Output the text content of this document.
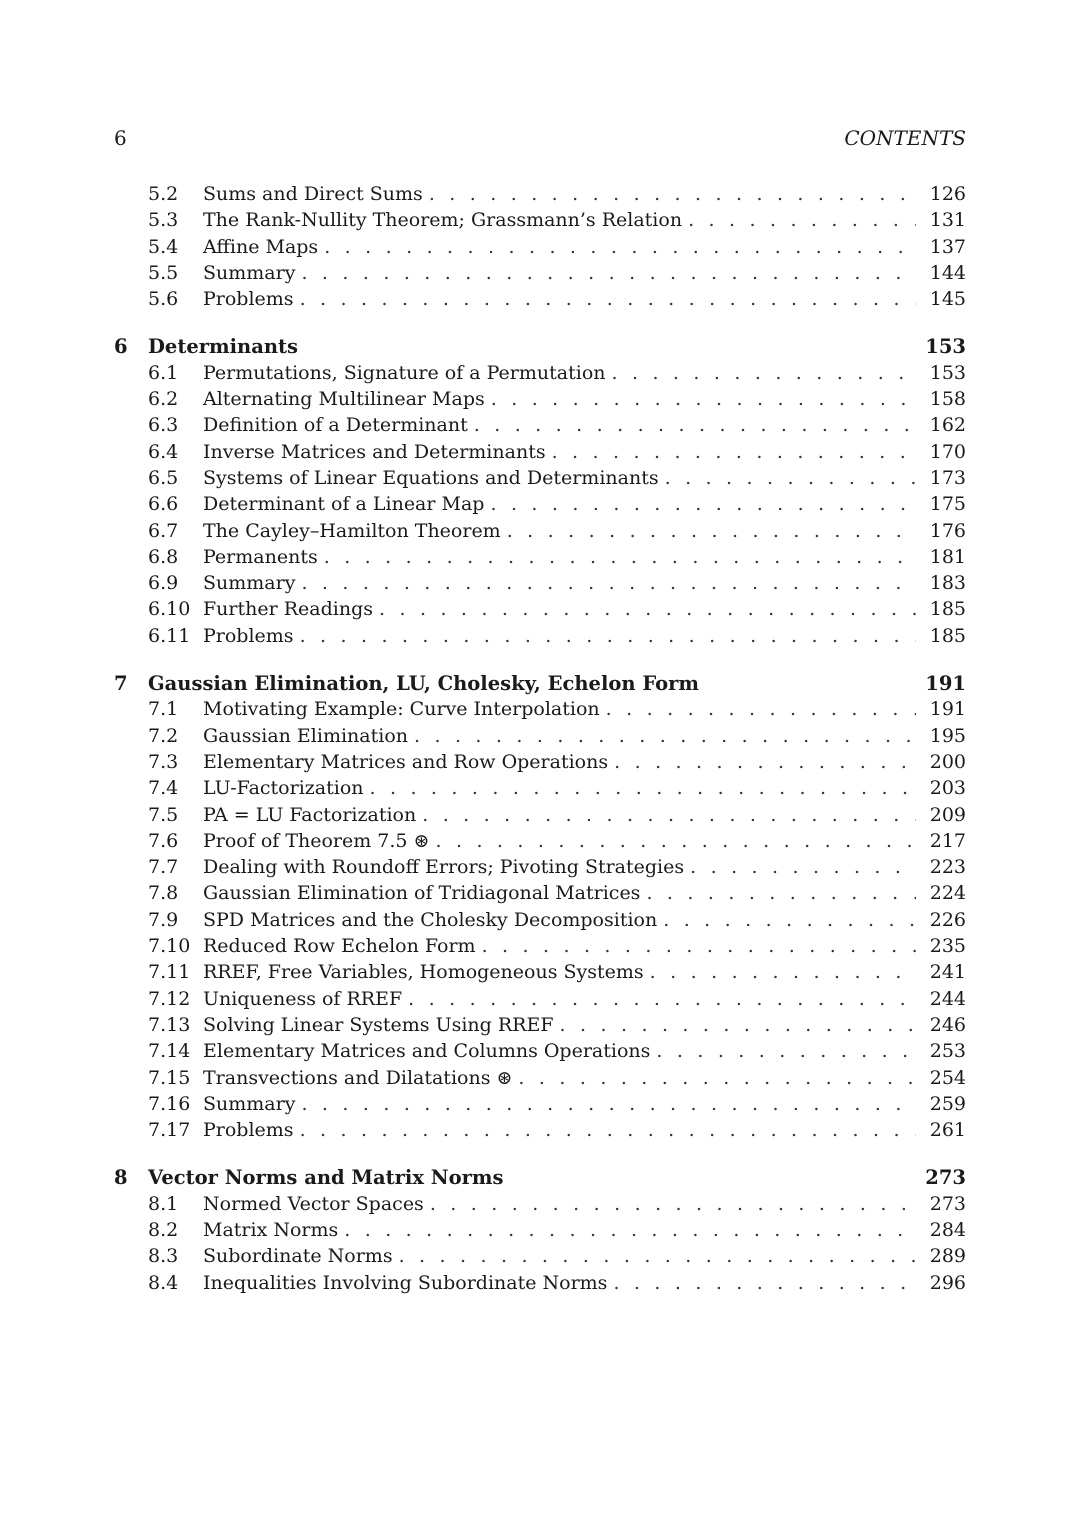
6	CONTENTS
5.2	Sums and Direct Sums . . .	126
5.3	The Rank-Nullity Theorem; Grassmann’s Relation . . .	131
5.4	Affine Maps . . .	137
5.5	Summary . . .	144
5.6	Problems . . .	145
6	Determinants	153
6.1	Permutations, Signature of a Permutation . . .	153
6.2	Alternating Multilinear Maps . . .	158
6.3	Definition of a Determinant . . .	162
6.4	Inverse Matrices and Determinants . . .	170
6.5	Systems of Linear Equations and Determinants . . .	173
6.6	Determinant of a Linear Map . . .	175
6.7	The Cayley–Hamilton Theorem . . .	176
6.8	Permanents . . .	181
6.9	Summary . . .	183
6.10 Further Readings . . .	185
6.11 Problems . . .	185
7	Gaussian Elimination, LU, Cholesky, Echelon Form	191
7.1	Motivating Example: Curve Interpolation . . .	191
7.2	Gaussian Elimination . . .	195
7.3	Elementary Matrices and Row Operations . . .	200
7.4	LU-Factorization . . .	203
7.5	PA = LU Factorization . . .	209
7.6	Proof of Theorem 7.5 ⊛ . . .	217
7.7	Dealing with Roundoff Errors; Pivoting Strategies . . .	223
7.8	Gaussian Elimination of Tridiagonal Matrices . . .	224
7.9	SPD Matrices and the Cholesky Decomposition . . .	226
7.10 Reduced Row Echelon Form . . .	235
7.11 RREF, Free Variables, Homogeneous Systems . . .	241
7.12 Uniqueness of RREF . . .	244
7.13 Solving Linear Systems Using RREF . . .	246
7.14 Elementary Matrices and Columns Operations . . .	253
7.15 Transvections and Dilatations ⊛ . . .	254
7.16 Summary . . .	259
7.17 Problems . . .	261
8	Vector Norms and Matrix Norms	273
8.1	Normed Vector Spaces . . .	273
8.2	Matrix Norms . . .	284
8.3	Subordinate Norms . . .	289
8.4	Inequalities Involving Subordinate Norms . . .	296
